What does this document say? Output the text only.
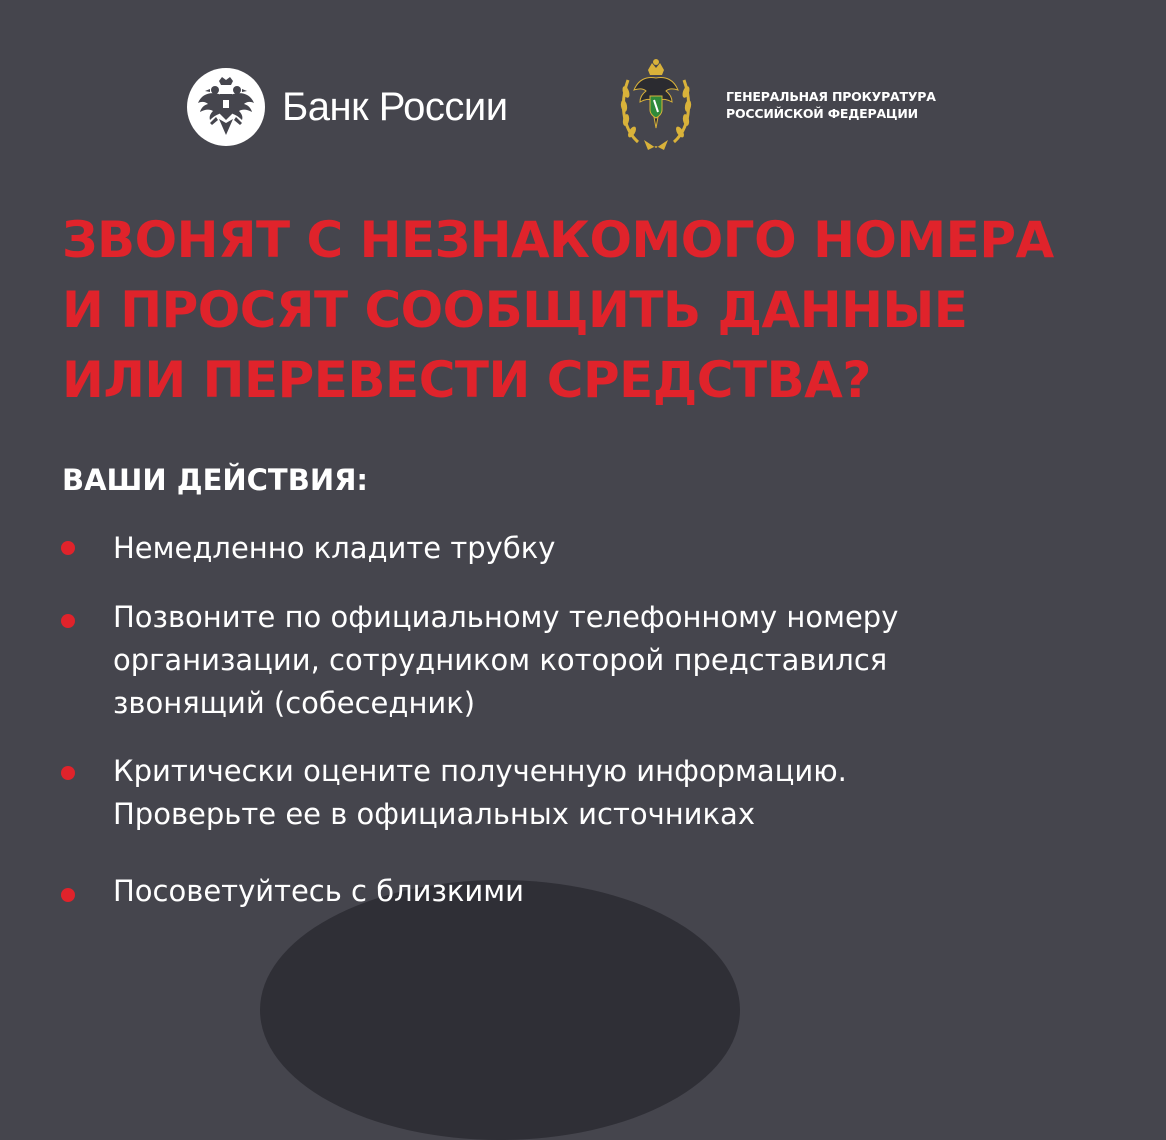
Банк России	ГЕНЕРАЛЬНАЯ ПРОКУРАТУРА
РОССИЙСКОЙ ФЕДЕРАЦИИ
ЗВОНЯТ С НЕЗНАКОМОГО НОМЕРА
И ПРОСЯТ СООБЩИТЬ ДАННЫЕ
ИЛИ ПЕРЕВЕСТИ СРЕДСТВА?
ВАШИ ДЕЙСТВИЯ:
Немедленно кладите трубку
Позвоните по официальному телефонному номеру
организации, сотрудником которой представился
звонящий (собеседник)
Критически оцените полученную информацию.
Проверьте ее в официальных источниках
Посоветуйтесь с близкими
